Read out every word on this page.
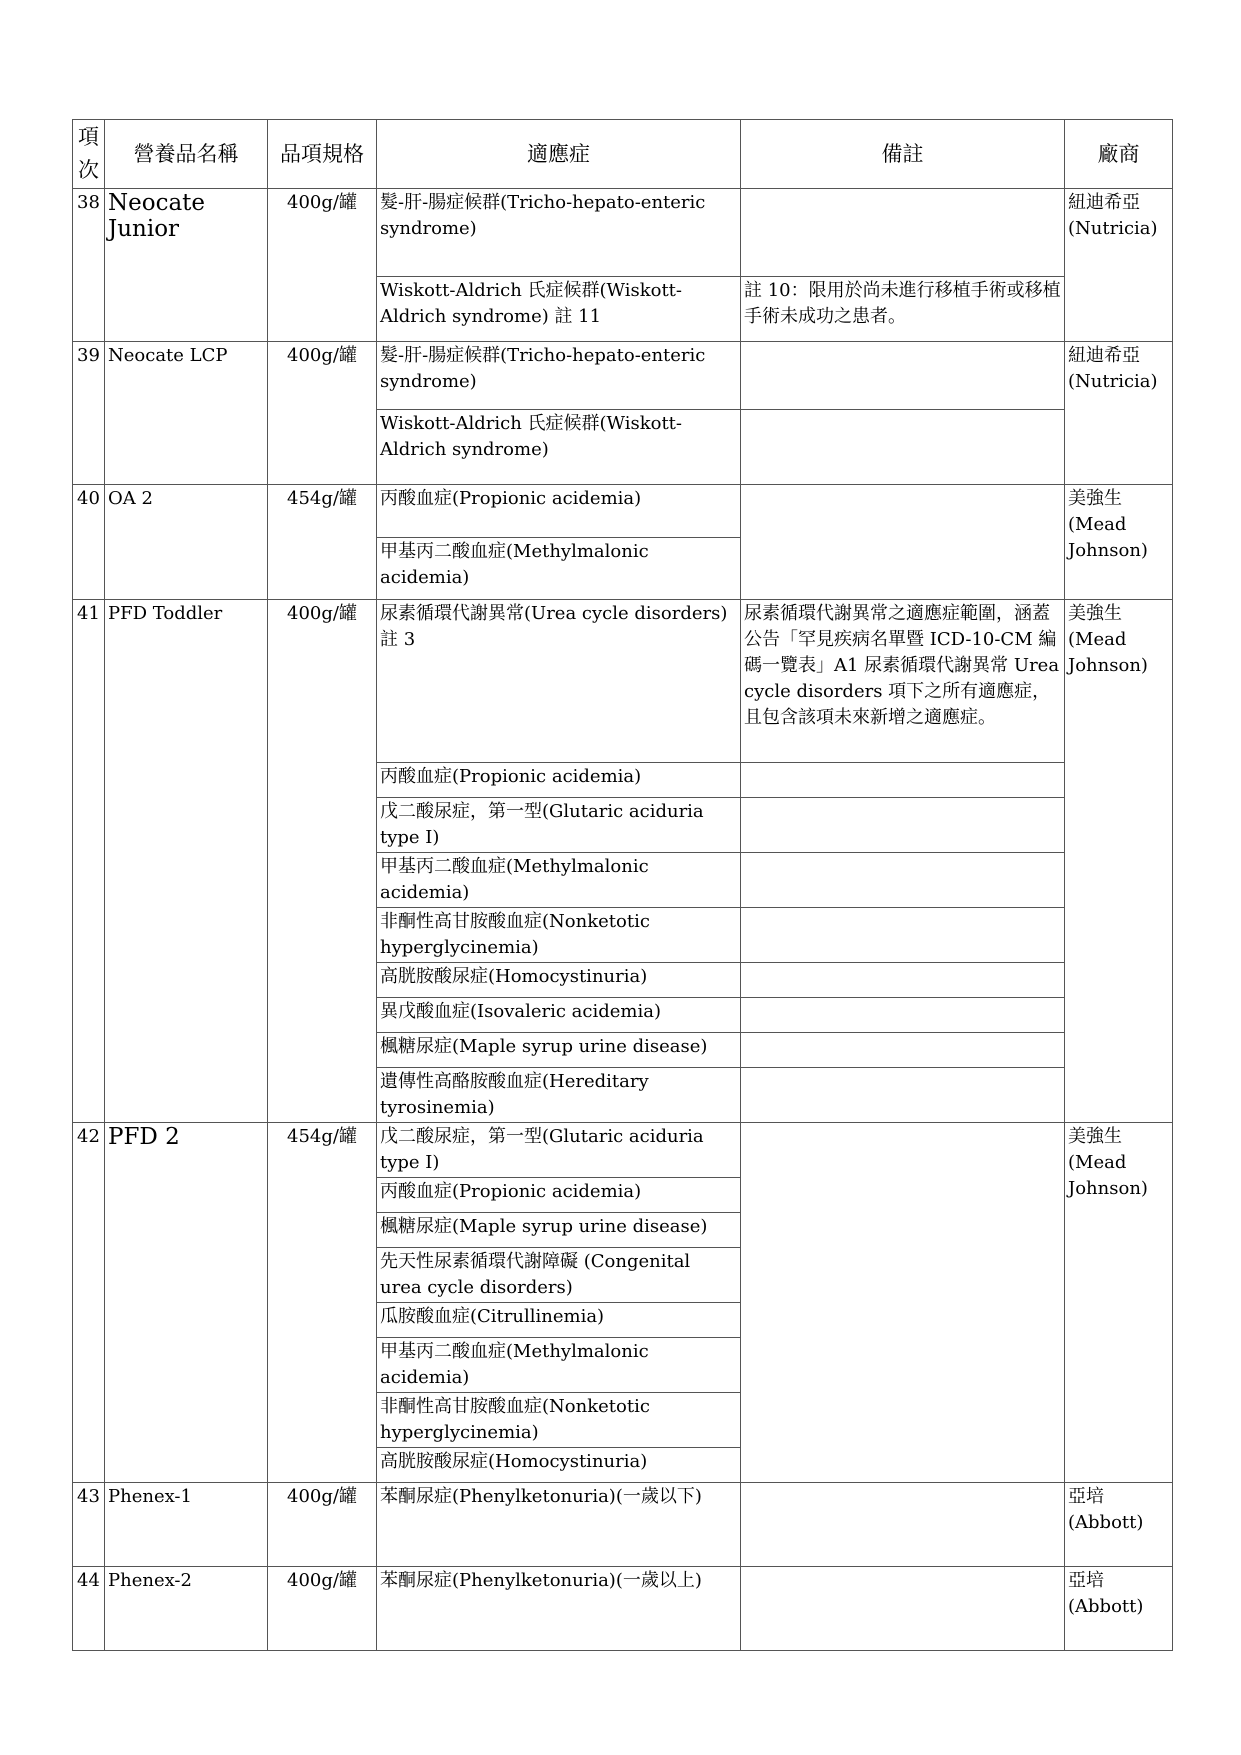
項次	營養品名稱	品項規格	適應症	備註	廠商
38	Neocate Junior	400g/罐	髮-肝-腸症候群(Tricho-hepato-enteric syndrome)		紐迪希亞(Nutricia)
			Wiskott-Aldrich 氏症候群(Wiskott-Aldrich syndrome) 註 11	註 10：限用於尚未進行移植手術或移植手術未成功之患者。	
39	Neocate LCP	400g/罐	髮-肝-腸症候群(Tricho-hepato-enteric syndrome)		紐迪希亞(Nutricia)
			Wiskott-Aldrich 氏症候群(Wiskott-Aldrich syndrome)		
40	OA 2	454g/罐	丙酸血症(Propionic acidemia)		美強生(Mead Johnson)
			甲基丙二酸血症(Methylmalonic acidemia)		
41	PFD Toddler	400g/罐	尿素循環代謝異常(Urea cycle disorders) 註 3	尿素循環代謝異常之適應症範圍，涵蓋公告「罕見疾病名單暨 ICD-10-CM 編碼一覽表」A1 尿素循環代謝異常 Urea cycle disorders 項下之所有適應症，且包含該項未來新增之適應症。	美強生(Mead Johnson)
			丙酸血症(Propionic acidemia)		
			戊二酸尿症，第一型(Glutaric aciduria type I)		
			甲基丙二酸血症(Methylmalonic acidemia)		
			非酮性高甘胺酸血症(Nonketotic hyperglycinemia)		
			高胱胺酸尿症(Homocystinuria)		
			異戊酸血症(Isovaleric acidemia)		
			楓糖尿症(Maple syrup urine disease)		
			遺傳性高酪胺酸血症(Hereditary tyrosinemia)		
42	PFD 2	454g/罐	戊二酸尿症，第一型(Glutaric aciduria type I)		美強生(Mead Johnson)
			丙酸血症(Propionic acidemia)		
			楓糖尿症(Maple syrup urine disease)		
			先天性尿素循環代謝障礙 (Congenital urea cycle disorders)		
			瓜胺酸血症(Citrullinemia)		
			甲基丙二酸血症(Methylmalonic acidemia)		
			非酮性高甘胺酸血症(Nonketotic hyperglycinemia)		
			高胱胺酸尿症(Homocystinuria)		
43	Phenex-1	400g/罐	苯酮尿症(Phenylketonuria)(一歲以下)		亞培(Abbott)
44	Phenex-2	400g/罐	苯酮尿症(Phenylketonuria)(一歲以上)		亞培(Abbott)
